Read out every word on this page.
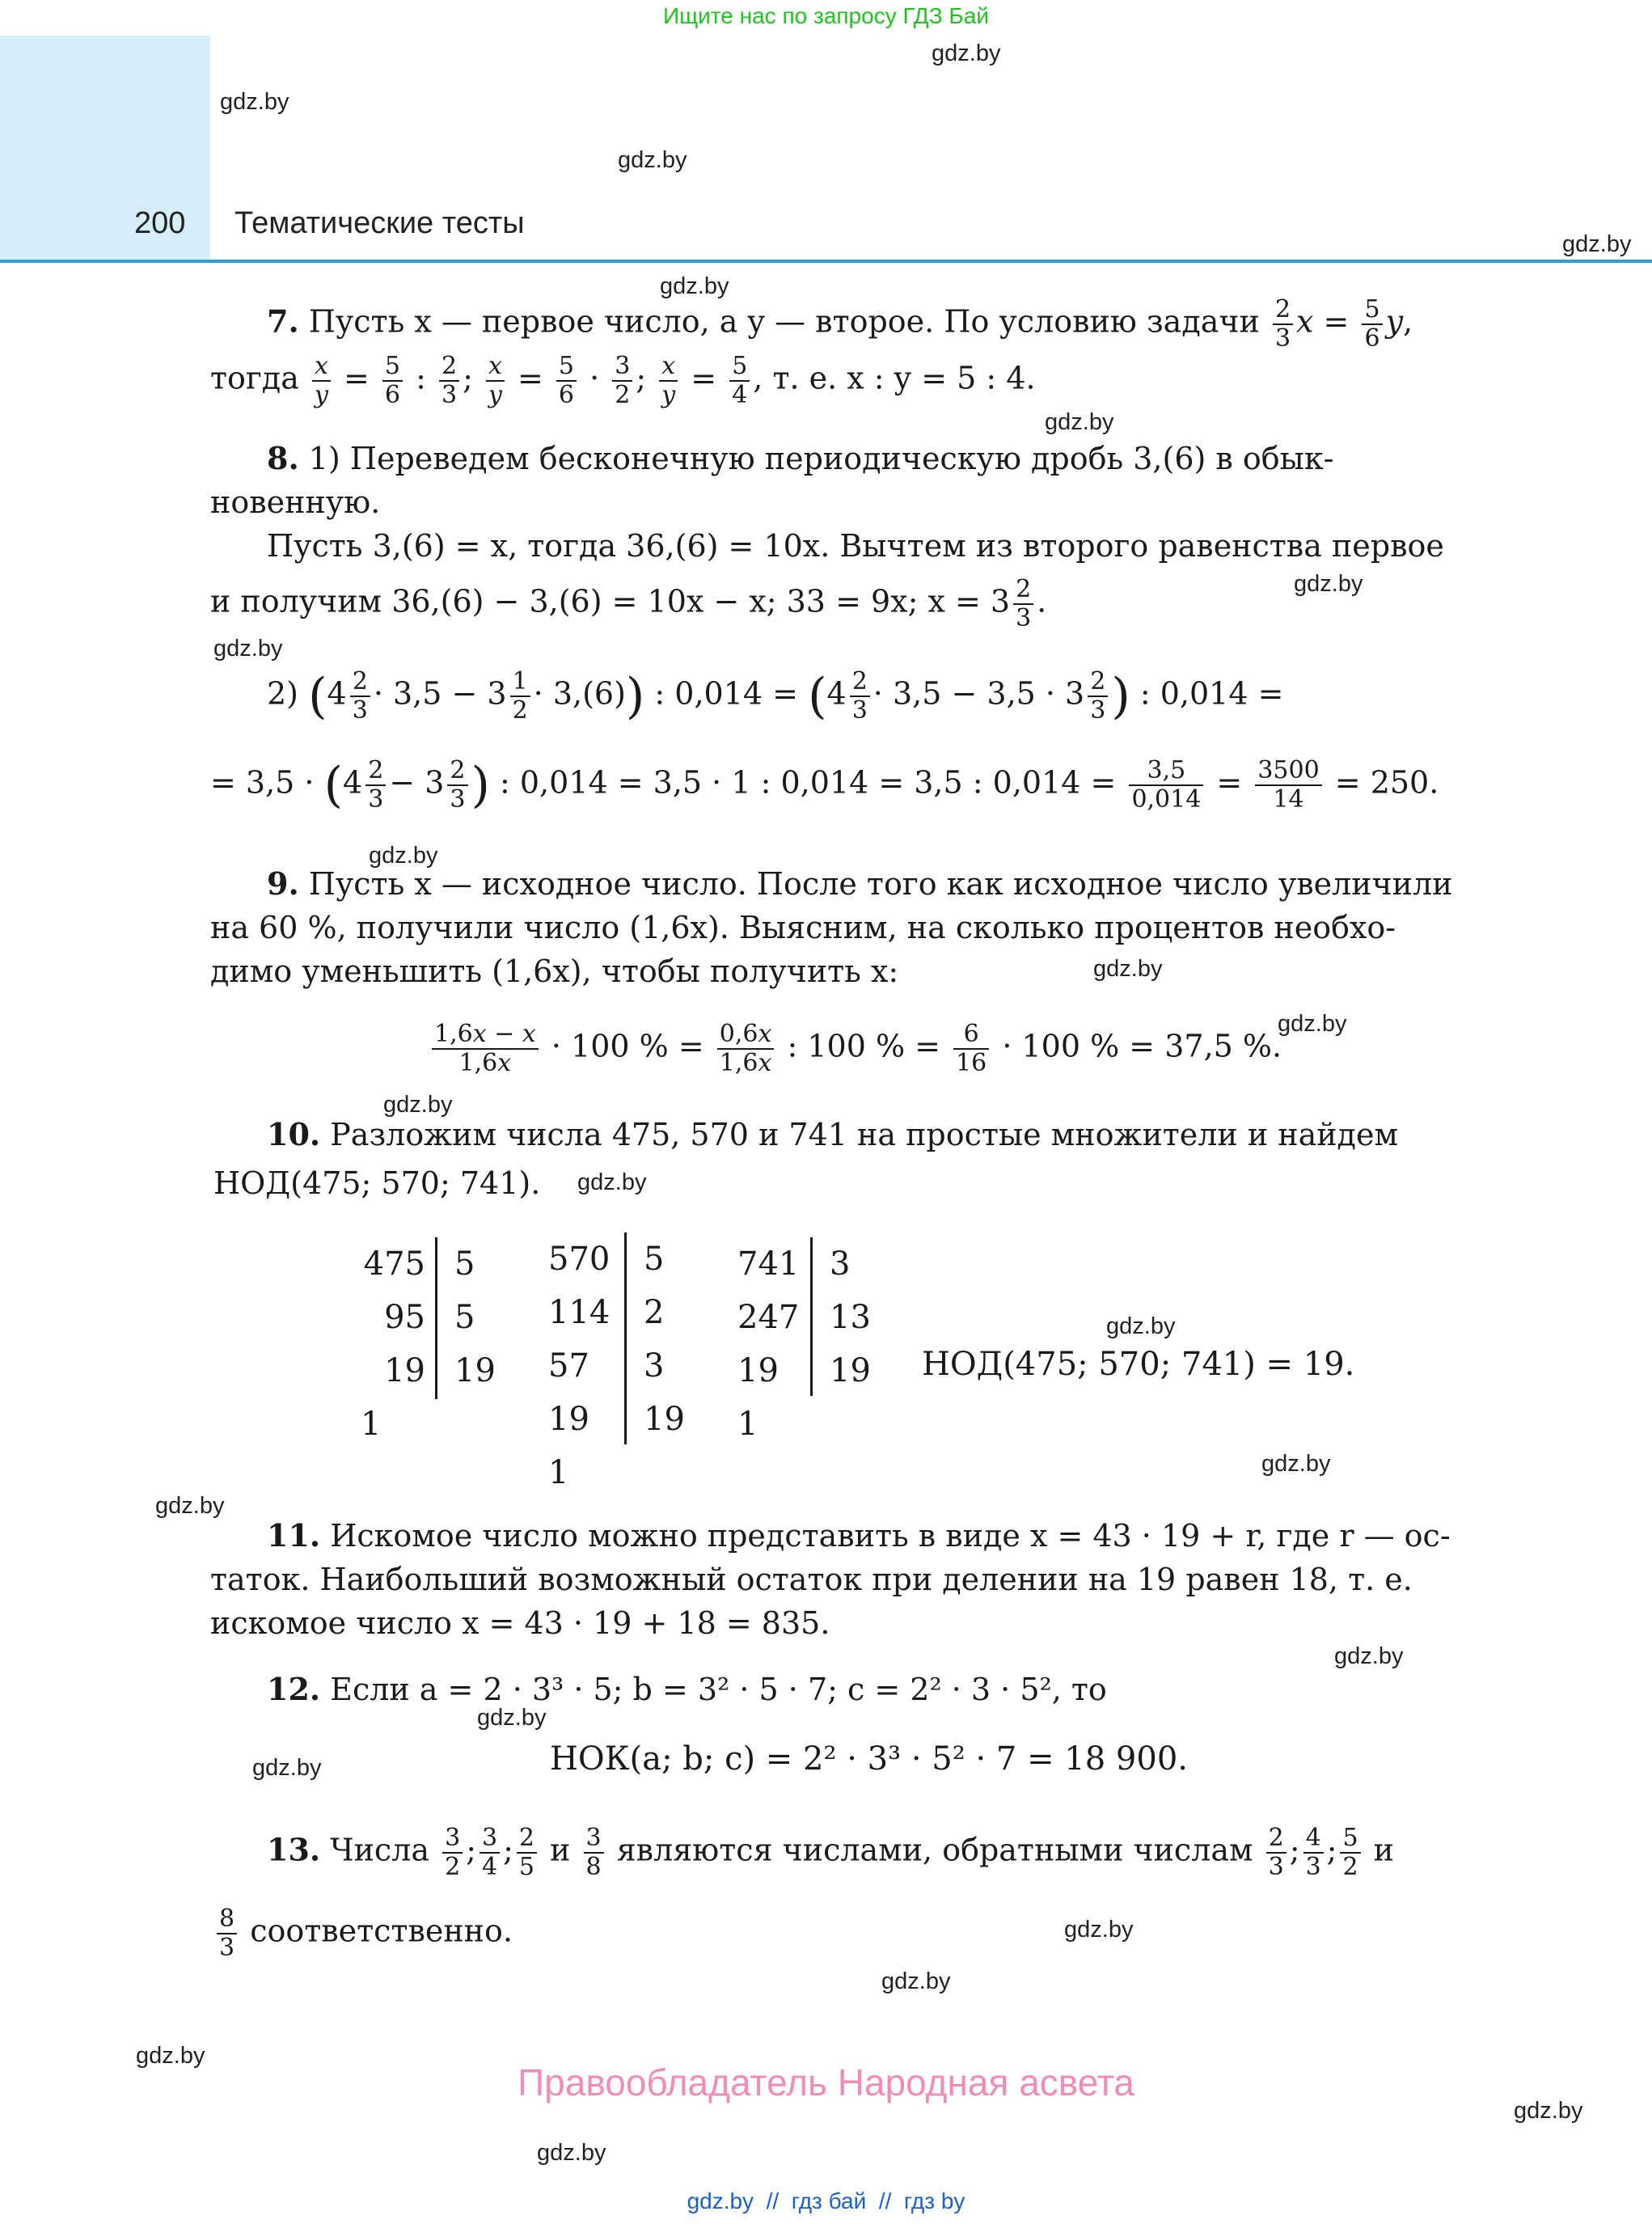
Ищите нас по запросу ГДЗ Бай
200 Тематические тесты
gdz.by
gdz.by
gdz.by
gdz.by
gdz.by
gdz.by
gdz.by
gdz.by
gdz.by
gdz.by
gdz.by
gdz.by
gdz.by
gdz.by
gdz.by
gdz.by
gdz.by
gdz.by
gdz.by
gdz.by
gdz.by
gdz.by
gdz.by
gdz.by
7. Пусть x — первое число, а y — второе. По условию задачи $\frac{2}{3}$ $x = \frac{5}{6} y$,
тогда $\frac{x}{y} = \frac{5}{6}$ : $\frac{2}{3}$ ; $\frac{x}{y} = \frac{5}{6} \cdot \frac{3}{2}$ ; $\frac{x}{y} = \frac{5}{4}$ , т. е. x : y = 5 : 4.
8. 1) Переведем бесконечную периодическую дробь 3,(6) в обык-
новенную.
Пусть 3,(6) = x, тогда 36,(6) = 10x. Вычтем из второго равенства первое
и получим 36,(6) − 3,(6) = 10x − x; 33 = 9x; $x = 3 \frac{2}{3}$ .
2) $(4 \frac{2}{3} \cdot 3,5 - 3 \frac{1}{2} \cdot 3,(6))$ : $0,014 = (4 \frac{2}{3} \cdot 3,5 - 3,5 \cdot 3 \frac{2}{3}$ ) : 0,014 =
= $3,5 \cdot (4 \frac{2}{3} - 3 \frac{2}{3}$ ) : 0,014 = 3,5 · 1 : 0,014 = 3,5 : $0,014 = \frac{3,5}{0,014} = \frac{3500}{14} = 250$.
9. Пусть x — исходное число. После того как исходное число увеличили
на 60 %, получили число (1,6x). Выясним, на сколько процентов необхо-
димо уменьшить (1,6x), чтобы получить x:
$\frac{1,6x - x}{1,6x} \cdot 100$ % = $\frac{0,6x}{1,6x}$ : 100 % = $\frac{6}{16} \cdot 100$ % = 37,5 %.
10. Разложим числа 475, 570 и 741 на простые множители и найдем
НОД(475; 570; 741).
475
95
19
1
5
5
19
570
114
57
19
1
5
2
3
19
741
247
19
1
3
13
19 НОД(475; 570; 741) = 19.
11. Искомое число можно представить в виде x = 43 · 19 + r, где r — ос-
таток. Наибольший возможный остаток при делении на 19 равен 18, т. е.
искомое число x = 43 · 19 + 18 = 835.
12. Если a = 2 · 3³ · 5; b = 3² · 5 · 7; c = 2² · 3 · 5², то
НОК(a; b; c) = 2² · 3³ · 5² · 7 = 18 900.
13. Числа $\frac{3}{2}$ ; $\frac{3}{4}$ ; $\frac{2}{5}$ и $\frac{3}{8}$ являются числами, обратными числам $\frac{2}{3}$ ; $\frac{4}{3}$ ; $\frac{5}{2}$ и
$\frac{8}{3}$ соответственно.
Правообладатель Народная асвета
gdz.by  //  гдз бай  //  гдз by
